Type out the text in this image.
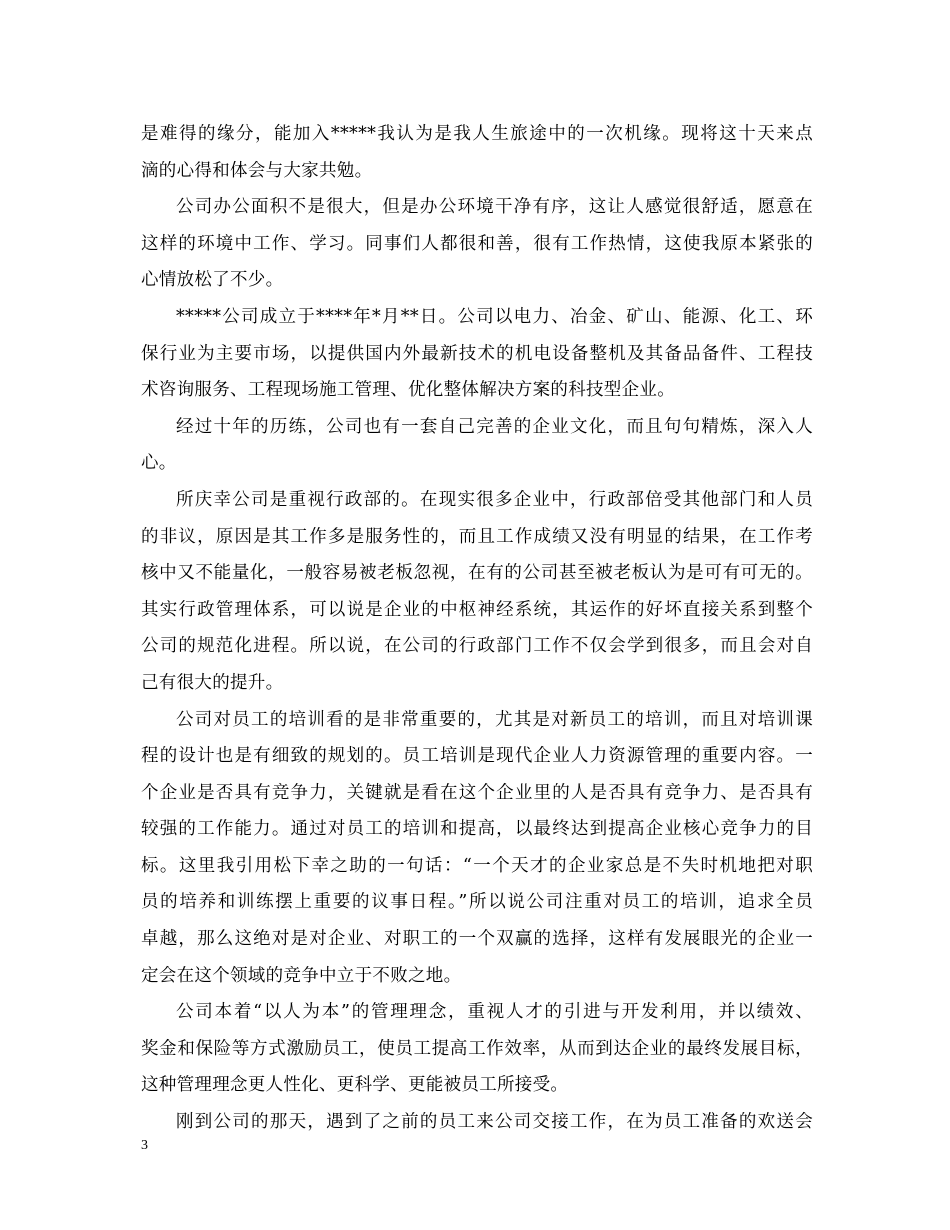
是难得的缘分，能加入*****我认为是我人生旅途中的一次机缘。现将这十天来点
滴的心得和体会与大家共勉。
公司办公面积不是很大，但是办公环境干净有序，这让人感觉很舒适，愿意在
这样的环境中工作、学习。同事们人都很和善，很有工作热情，这使我原本紧张的
心情放松了不少。
*****公司成立于****年*月**日。公司以电力、冶金、矿山、能源、化工、环
保行业为主要市场，以提供国内外最新技术的机电设备整机及其备品备件、工程技
术咨询服务、工程现场施工管理、优化整体解决方案的科技型企业。
经过十年的历练，公司也有一套自己完善的企业文化，而且句句精炼，深入人
心。
所庆幸公司是重视行政部的。在现实很多企业中，行政部倍受其他部门和人员
的非议，原因是其工作多是服务性的，而且工作成绩又没有明显的结果，在工作考
核中又不能量化，一般容易被老板忽视，在有的公司甚至被老板认为是可有可无的。
其实行政管理体系，可以说是企业的中枢神经系统，其运作的好坏直接关系到整个
公司的规范化进程。所以说，在公司的行政部门工作不仅会学到很多，而且会对自
己有很大的提升。
公司对员工的培训看的是非常重要的，尤其是对新员工的培训，而且对培训课
程的设计也是有细致的规划的。员工培训是现代企业人力资源管理的重要内容。一
个企业是否具有竞争力，关键就是看在这个企业里的人是否具有竞争力、是否具有
较强的工作能力。通过对员工的培训和提高，以最终达到提高企业核心竞争力的目
标。这里我引用松下幸之助的一句话：“一个天才的企业家总是不失时机地把对职
员的培养和训练摆上重要的议事日程。”所以说公司注重对员工的培训，追求全员
卓越，那么这绝对是对企业、对职工的一个双赢的选择，这样有发展眼光的企业一
定会在这个领域的竞争中立于不败之地。
公司本着“以人为本”的管理理念，重视人才的引进与开发利用，并以绩效、
奖金和保险等方式激励员工，使员工提高工作效率，从而到达企业的最终发展目标，
这种管理理念更人性化、更科学、更能被员工所接受。
刚到公司的那天，遇到了之前的员工来公司交接工作，在为员工准备的欢送会
3
